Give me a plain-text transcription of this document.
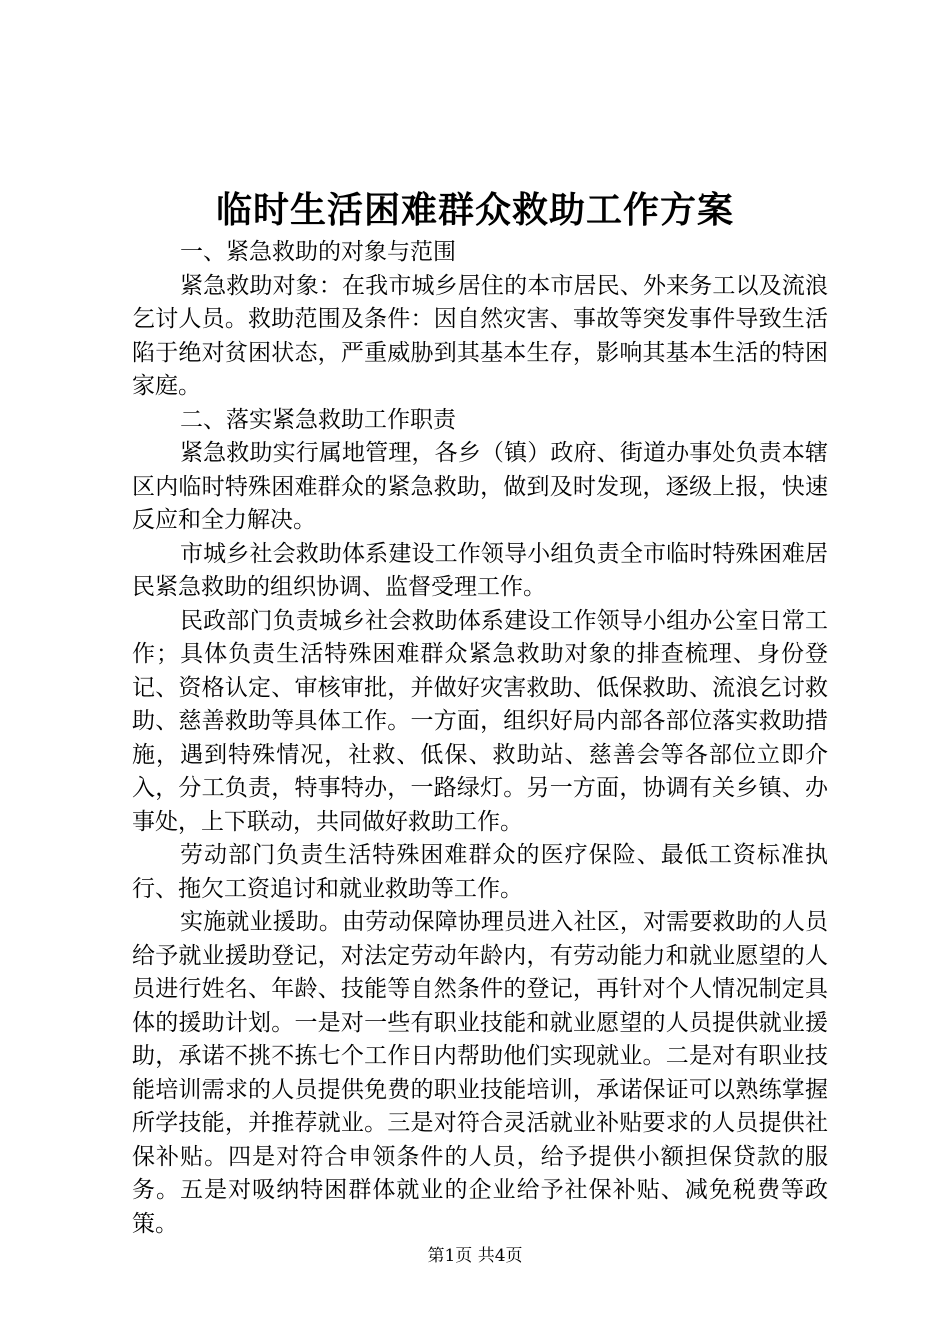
临时生活困难群众救助工作方案

一、紧急救助的对象与范围

紧急救助对象：在我市城乡居住的本市居民、外来务工以及流浪乞讨人员。救助范围及条件：因自然灾害、事故等突发事件导致生活陷于绝对贫困状态，严重威胁到其基本生存，影响其基本生活的特困家庭。

二、落实紧急救助工作职责

紧急救助实行属地管理，各乡（镇）政府、街道办事处负责本辖区内临时特殊困难群众的紧急救助，做到及时发现，逐级上报，快速反应和全力解决。

市城乡社会救助体系建设工作领导小组负责全市临时特殊困难居民紧急救助的组织协调、监督受理工作。

民政部门负责城乡社会救助体系建设工作领导小组办公室日常工作；具体负责生活特殊困难群众紧急救助对象的排查梳理、身份登记、资格认定、审核审批，并做好灾害救助、低保救助、流浪乞讨救助、慈善救助等具体工作。一方面，组织好局内部各部位落实救助措施，遇到特殊情况，社救、低保、救助站、慈善会等各部位立即介入，分工负责，特事特办，一路绿灯。另一方面，协调有关乡镇、办事处，上下联动，共同做好救助工作。

劳动部门负责生活特殊困难群众的医疗保险、最低工资标准执行、拖欠工资追讨和就业救助等工作。

实施就业援助。由劳动保障协理员进入社区，对需要救助的人员给予就业援助登记，对法定劳动年龄内，有劳动能力和就业愿望的人员进行姓名、年龄、技能等自然条件的登记，再针对个人情况制定具体的援助计划。一是对一些有职业技能和就业愿望的人员提供就业援助，承诺不挑不拣七个工作日内帮助他们实现就业。二是对有职业技能培训需求的人员提供免费的职业技能培训，承诺保证可以熟练掌握所学技能，并推荐就业。三是对符合灵活就业补贴要求的人员提供社保补贴。四是对符合申领条件的人员，给予提供小额担保贷款的服务。五是对吸纳特困群体就业的企业给予社保补贴、减免税费等政策。

第1页 共4页
